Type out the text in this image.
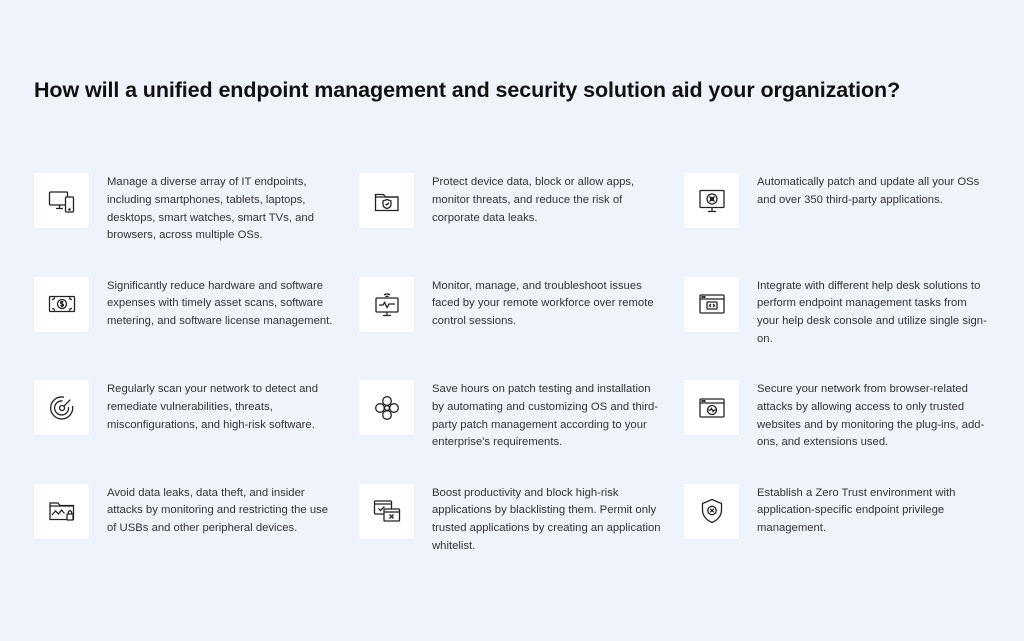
How will a unified endpoint management and security solution aid your organization?
Manage a diverse array of IT endpoints, including smartphones, tablets, laptops, desktops, smart watches, smart TVs, and browsers, across multiple OSs.
Protect device data, block or allow apps, monitor threats, and reduce the risk of corporate data leaks.
Automatically patch and update all your OSs and over 350 third-party applications.
Significantly reduce hardware and software expenses with timely asset scans, software metering, and software license management.
Monitor, manage, and troubleshoot issues faced by your remote workforce over remote control sessions.
Integrate with different help desk solutions to perform endpoint management tasks from your help desk console and utilize single sign-on.
Regularly scan your network to detect and remediate vulnerabilities, threats, misconfigurations, and high-risk software.
Save hours on patch testing and installation by automating and customizing OS and third-party patch management according to your enterprise's requirements.
Secure your network from browser-related attacks by allowing access to only trusted websites and by monitoring the plug-ins, add-ons, and extensions used.
Avoid data leaks, data theft, and insider attacks by monitoring and restricting the use of USBs and other peripheral devices.
Boost productivity and block high-risk applications by blacklisting them. Permit only trusted applications by creating an application whitelist.
Establish a Zero Trust environment with application-specific endpoint privilege management.
